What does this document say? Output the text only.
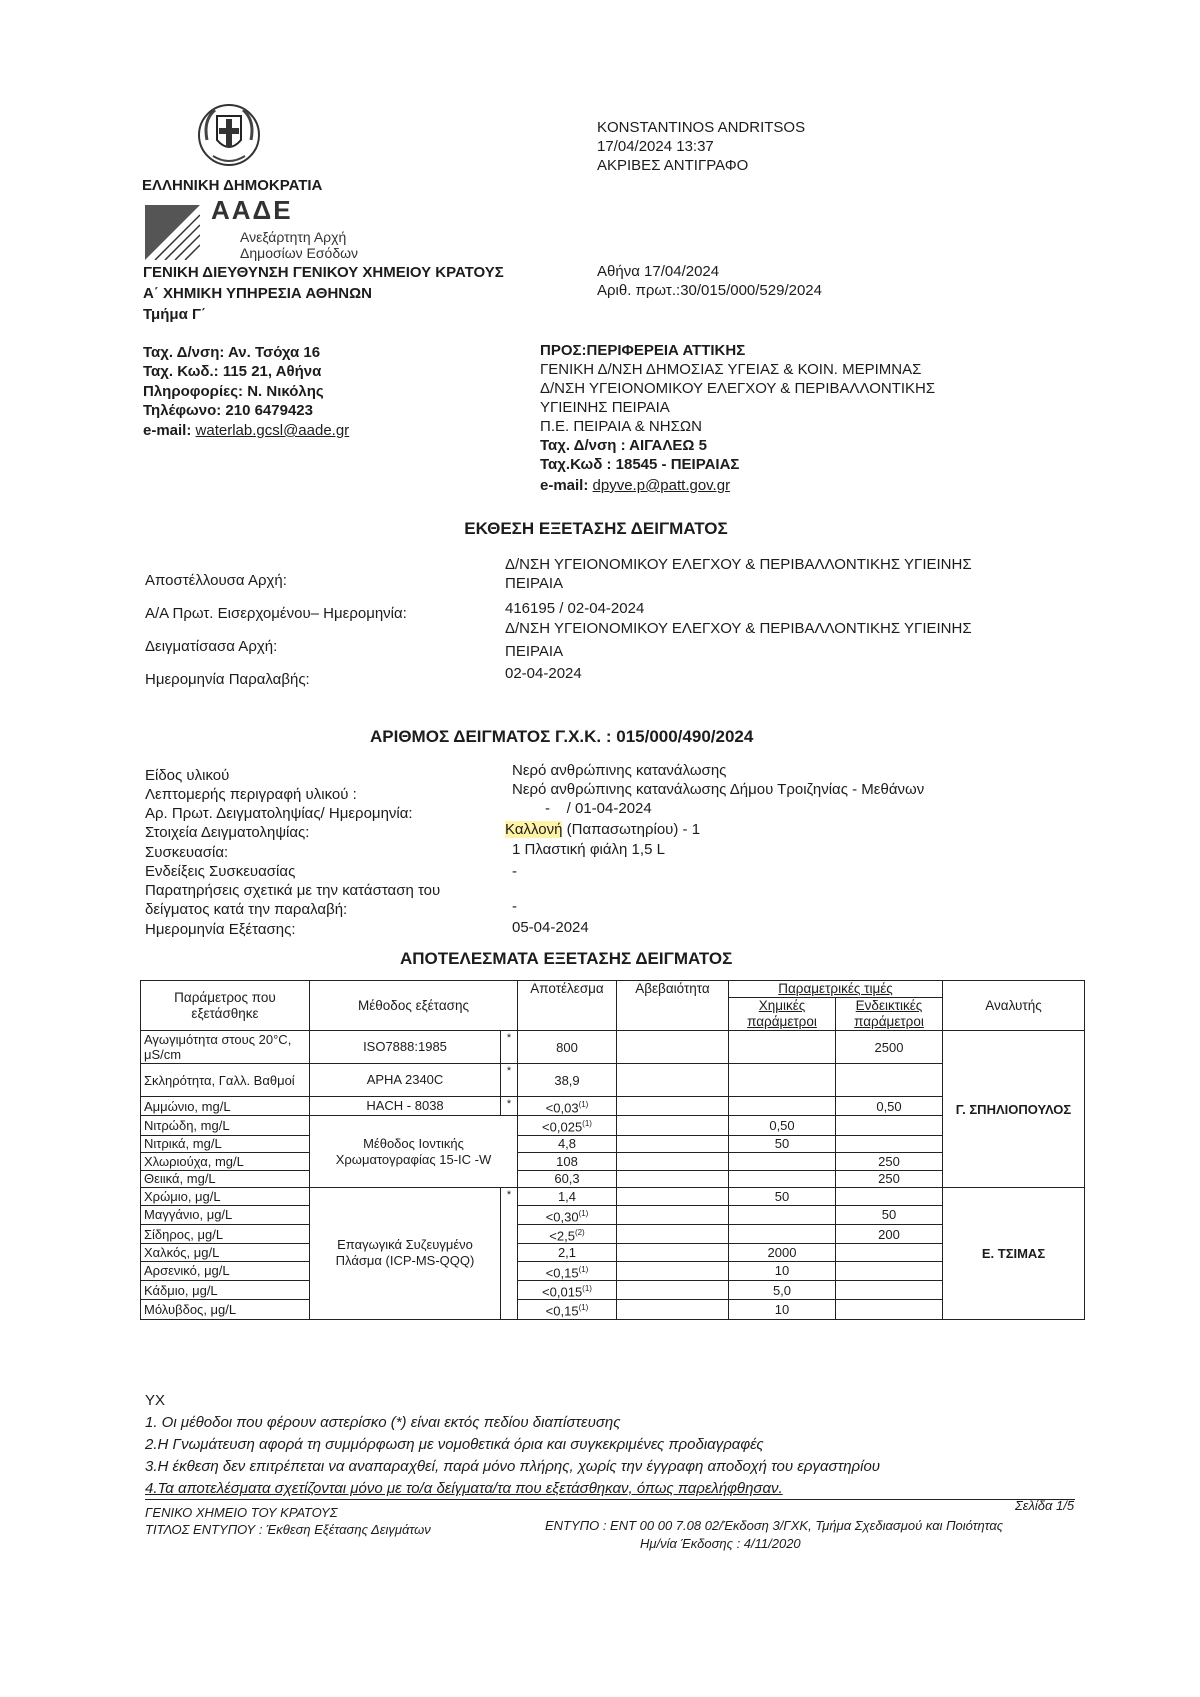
ΕΛΛΗΝΙΚΗ ΔΗΜΟΚΡΑΤΙΑ
ΑΑΔΕ
Ανεξάρτητη Αρχή
Δημοσίων Εσόδων
ΓΕΝΙΚΗ ΔΙΕΥΘΥΝΣΗ ΓΕΝΙΚΟΥ ΧΗΜΕΙΟΥ ΚΡΑΤΟΥΣ
Α΄ ΧΗΜΙΚΗ ΥΠΗΡΕΣΙΑ ΑΘΗΝΩΝ
Τμήμα Γ΄
KONSTANTINOS ANDRITSOS
17/04/2024 13:37
ΑΚΡΙΒΕΣ ΑΝΤΙΓΡΑΦΟ
Αθήνα 17/04/2024
Αριθ. πρωτ.:30/015/000/529/2024
Ταχ. Δ/νση: Αν. Τσόχα 16
Ταχ. Κωδ.: 115 21, Αθήνα
Πληροφορίες: Ν. Νικόλης
Τηλέφωνο: 210 6479423
e-mail: waterlab.gcsl@aade.gr
ΠΡΟΣ:ΠΕΡΙΦΕΡΕΙΑ ΑΤΤΙΚΗΣ
ΓΕΝΙΚΗ Δ/ΝΣΗ ΔΗΜΟΣΙΑΣ ΥΓΕΙΑΣ & ΚΟΙΝ. ΜΕΡΙΜΝΑΣ
Δ/ΝΣΗ ΥΓΕΙΟΝΟΜΙΚΟΥ ΕΛΕΓΧΟΥ & ΠΕΡΙΒΑΛΛΟΝΤΙΚΗΣ
ΥΓΙΕΙΝΗΣ ΠΕΙΡΑΙΑ
Π.Ε. ΠΕΙΡΑΙΑ & ΝΗΣΩΝ
Ταχ. Δ/νση : ΑΙΓΑΛΕΩ 5
Ταχ.Κωδ : 18545 - ΠΕΙΡΑΙΑΣ
e-mail: dpyve.p@patt.gov.gr
ΕΚΘΕΣΗ ΕΞΕΤΑΣΗΣ ΔΕΙΓΜΑΤΟΣ
Αποστέλλουσα Αρχή:
Δ/ΝΣΗ ΥΓΕΙΟΝΟΜΙΚΟΥ ΕΛΕΓΧΟΥ & ΠΕΡΙΒΑΛΛΟΝΤΙΚΗΣ ΥΓΙΕΙΝΗΣ
ΠΕΙΡΑΙΑ
Α/Α Πρωτ. Εισερχομένου– Ημερομηνία:	416195 / 02-04-2024
Δ/ΝΣΗ ΥΓΕΙΟΝΟΜΙΚΟΥ ΕΛΕΓΧΟΥ & ΠΕΡΙΒΑΛΛΟΝΤΙΚΗΣ ΥΓΙΕΙΝΗΣ
Δειγματίσασα Αρχή:	ΠΕΙΡΑΙΑ
Ημερομηνία Παραλαβής:	02-04-2024
ΑΡΙΘΜΟΣ ΔΕΙΓΜΑΤΟΣ Γ.Χ.Κ. : 015/000/490/2024
Είδος υλικού	Νερό ανθρώπινης κατανάλωσης
Λεπτομερής περιγραφή υλικού :	Νερό ανθρώπινης κατανάλωσης Δήμου Τροιζηνίας - Μεθάνων
Αρ. Πρωτ. Δειγματοληψίας/ Ημερομηνία:	-    / 01-04-2024
Στοιχεία Δειγματοληψίας:	Καλλονή (Παπασωτηρίου) - 1
Συσκευασία:	1 Πλαστική φιάλη 1,5 L
Ενδείξεις Συσκευασίας	-
Παρατηρήσεις σχετικά με την κατάσταση του
δείγματος κατά την παραλαβή:	-
Ημερομηνία Εξέτασης:	05-04-2024
ΑΠΟΤΕΛΕΣΜΑΤΑ ΕΞΕΤΑΣΗΣ ΔΕΙΓΜΑΤΟΣ
Παράμετρος που εξετάσθηκε	Μέθοδος εξέτασης		Αποτέλεσμα	Αβεβαιότητα	Παραμετρικές τιμές		Αναλυτής
					Χημικές παράμετροι	Ενδεικτικές παράμετροι	
Αγωγιμότητα στους 20°C, μS/cm	ISO7888:1985	*	800			2500	Γ. ΣΠΗΛΙΟΠΟΥΛΟΣ
Σκληρότητα, Γαλλ. Βαθμοί	APHA 2340C	*	38,9				
Αμμώνιο, mg/L	HACH - 8038	*	$<0,03^{(1)}$			0,50	
Νιτρώδη, mg/L	Μέθοδος Ιοντικής Χρωματογραφίας 15-IC -W		$<0,025^{(1)}$		0,50		
Νιτρικά, mg/L			4,8		50		
Χλωριούχα, mg/L			108			250	
Θειικά, mg/L			60,3			250	
Χρώμιο, μg/L	Επαγωγικά Συζευγμένο Πλάσμα (ICP-MS-QQQ)	*	1,4		50		Ε. ΤΣΙΜΑΣ
Μαγγάνιο, μg/L			$<0,30^{(1)}$			50	
Σίδηρος, μg/L			$<2,5^{(2)}$			200	
Χαλκός, μg/L			2,1		2000		
Αρσενικό, μg/L			$<0,15^{(1)}$		10		
Κάδμιο, μg/L			$<0,015^{(1)}$		5,0		
Μόλυβδος, μg/L			$<0,15^{(1)}$		10		
ΥΧ
1. Οι μέθοδοι που φέρουν αστερίσκο (*) είναι εκτός πεδίου διαπίστευσης
2.Η Γνωμάτευση αφορά τη συμμόρφωση με νομοθετικά όρια και συγκεκριμένες προδιαγραφές
3.Η έκθεση δεν επιτρέπεται να αναπαραχθεί, παρά μόνο πλήρης, χωρίς την έγγραφη αποδοχή του εργαστηρίου
4.Τα αποτελέσματα σχετίζονται μόνο με το/α δείγματα/τα που εξετάσθηκαν, όπως παρελήφθησαν.
ΓΕΝΙΚΟ ΧΗΜΕΙΟ ΤΟΥ ΚΡΑΤΟΥΣ
ΤΙΤΛΟΣ ΕΝΤΥΠΟΥ : Έκθεση Εξέτασης Δειγμάτων
Σελίδα 1/5
ΕΝΤΥΠΟ : ΕΝΤ 00 00 7.08 02/Έκδοση 3/ΓΧΚ, Τμήμα Σχεδιασμού και Ποιότητας
Ημ/νία Έκδοσης : 4/11/2020
